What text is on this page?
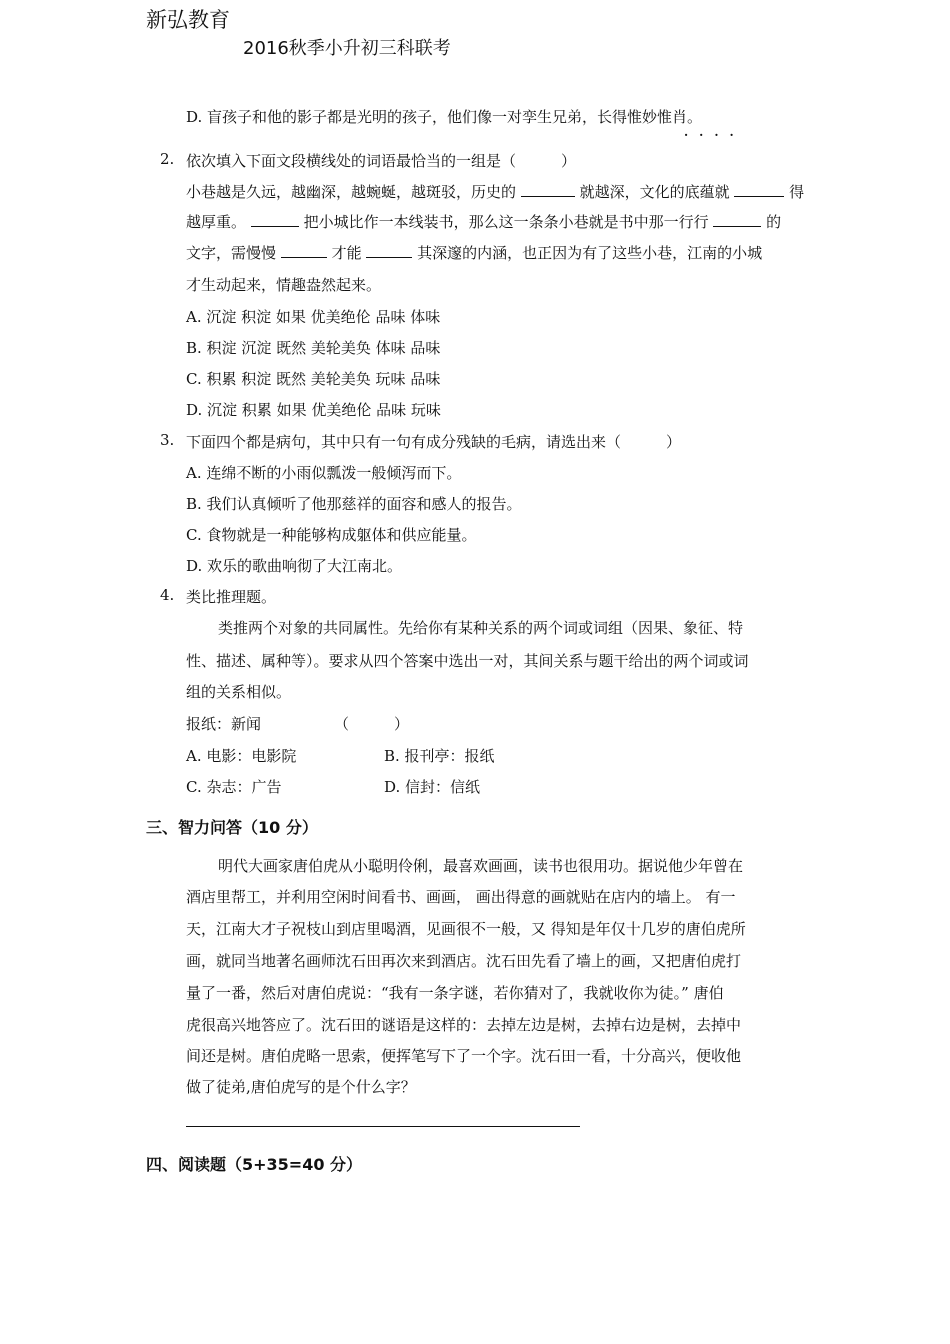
新弘教育
2016秋季小升初三科联考
D. 盲孩子和他的影子都是光明的孩子，他们像一对孪生兄弟，长得惟妙惟肖。
····
2. 依次填入下面文段横线处的词语最恰当的一组是（　　　）
小巷越是久远，越幽深，越蜿蜒，越斑驳，历史的	就越深，文化的底蕴就	得
越厚重。	把小城比作一本线装书，那么这一条条小巷就是书中那一行行	的
文字，需慢慢	才能	其深邃的内涵，也正因为有了这些小巷，江南的小城
才生动起来，情趣盎然起来。
A. 沉淀 积淀 如果 优美绝伦 品味 体味
B. 积淀 沉淀 既然 美轮美奂 体味 品味
C. 积累 积淀 既然 美轮美奂 玩味 品味
D. 沉淀 积累 如果 优美绝伦 品味 玩味
3. 下面四个都是病句，其中只有一句有成分残缺的毛病，请选出来（　　　）
A. 连绵不断的小雨似瓢泼一般倾泻而下。
B. 我们认真倾听了他那慈祥的面容和感人的报告。
C. 食物就是一种能够构成躯体和供应能量。
D. 欢乐的歌曲响彻了大江南北。
4. 类比推理题。
类推两个对象的共同属性。先给你有某种关系的两个词或词组（因果、象征、特
性、描述、属种等）。要求从四个答案中选出一对，其间关系与题干给出的两个词或词
组的关系相似。
报纸：新闻	（　　　）
A. 电影：电影院	B. 报刊亭：报纸
C. 杂志：广告	D. 信封：信纸
三、智力问答（10 分）
明代大画家唐伯虎从小聪明伶俐，最喜欢画画，读书也很用功。据说他少年曾在
酒店里帮工，并利用空闲时间看书、画画， 画出得意的画就贴在店内的墙上。 有一
天，江南大才子祝枝山到店里喝酒，见画很不一般，又 得知是年仅十几岁的唐伯虎所
画，就同当地著名画师沈石田再次来到酒店。沈石田先看了墙上的画，又把唐伯虎打
量了一番，然后对唐伯虎说：“我有一条字谜，若你猜对了，我就收你为徒。” 唐伯
虎很高兴地答应了。沈石田的谜语是这样的：去掉左边是树，去掉右边是树，去掉中
间还是树。唐伯虎略一思索，便挥笔写下了一个字。沈石田一看，十分高兴，便收他
做了徒弟,唐伯虎写的是个什么字？
四、阅读题（5+35=40 分）
